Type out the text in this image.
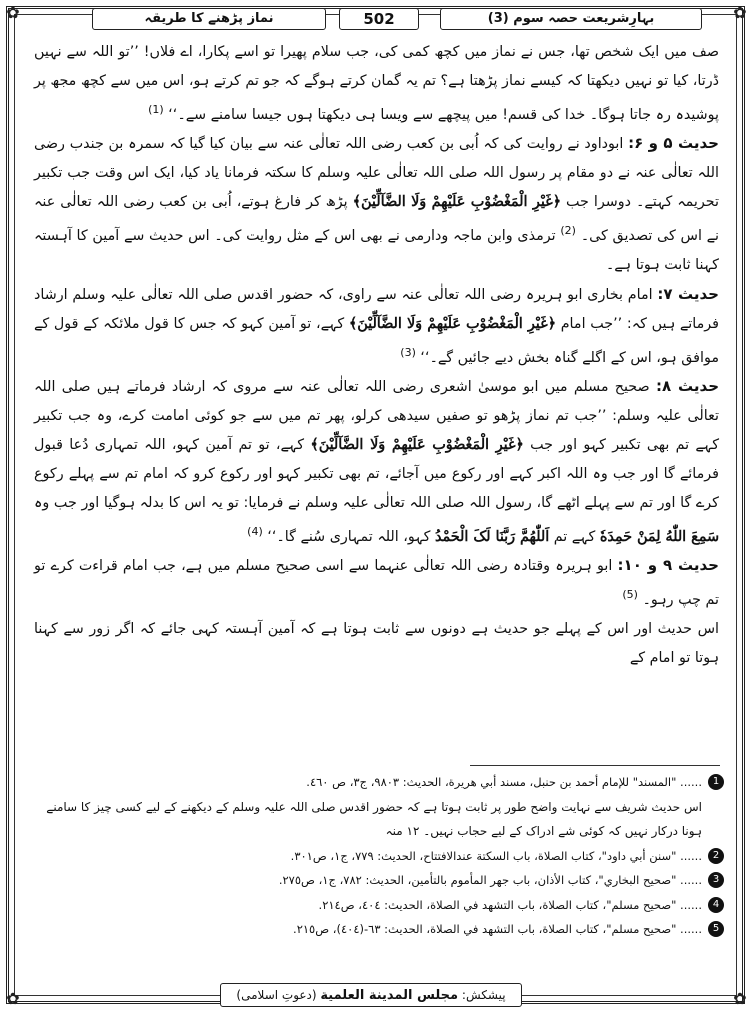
✿	✿
✿	✿
بہارِشریعت حصہ سوم (3)
502
نماز پڑھنے کا طریقہ

صف میں ایک شخص تھا، جس نے نماز میں کچھ کمی کی، جب سلام پھیرا تو اسے پکارا، اے فلاں! ’’تو اللہ سے نہیں ڈرتا، کیا تو نہیں دیکھتا کہ کیسے نماز پڑھتا ہے؟ تم یہ گمان کرتے ہوگے کہ جو تم کرتے ہو، اس میں سے کچھ مجھ پر پوشیدہ رہ جاتا ہوگا۔ خدا کی قسم! میں پیچھے سے ویسا ہی دیکھتا ہوں جیسا سامنے سے۔‘‘ $^{(1)}$

حدیث ۵ و ۶: ابوداود نے روایت کی کہ اُبی بن کعب رضی اللہ تعالٰی عنہ سے بیان کیا گیا کہ سمرہ بن جندب رضی اللہ تعالٰی عنہ نے دو مقام پر رسول اللہ صلی اللہ تعالٰی علیہ وسلم کا سکتہ فرمانا یاد کیا، ایک اس وقت جب تکبیر تحریمہ کہتے۔ دوسرا جب ﴿غَیْرِ الْمَغْضُوْبِ عَلَیْهِمْ وَلَا الضَّآلِّیْنَ﴾ پڑھ کر فارغ ہوتے، اُبی بن کعب رضی اللہ تعالٰی عنہ نے اس کی تصدیق کی۔ $^{(2)}$ ترمذی وابن ماجہ ودارمی نے بھی اس کے مثل روایت کی۔ اس حدیث سے آمین کا آہستہ کہنا ثابت ہوتا ہے۔

حدیث ۷: امام بخاری ابو ہریرہ رضی اللہ تعالٰی عنہ سے راوی، کہ حضور اقدس صلی اللہ تعالٰی علیہ وسلم ارشاد فرماتے ہیں کہ: ’’جب امام ﴿غَیْرِ الْمَغْضُوْبِ عَلَیْهِمْ وَلَا الضَّآلِّیْنَ﴾ کہے، تو آمین کہو کہ جس کا قول ملائکہ کے قول کے موافق ہو، اس کے اگلے گناہ بخش دیے جائیں گے۔‘‘ $^{(3)}$

حدیث ۸: صحیح مسلم میں ابو موسیٰ اشعری رضی اللہ تعالٰی عنہ سے مروی کہ ارشاد فرماتے ہیں صلی اللہ تعالٰی علیہ وسلم: ’’جب تم نماز پڑھو تو صفیں سیدھی کرلو، پھر تم میں سے جو کوئی امامت کرے، وہ جب تکبیر کہے تم بھی تکبیر کہو اور جب ﴿غَیْرِ الْمَغْضُوْبِ عَلَیْهِمْ وَلَا الضَّآلِّیْنَ﴾ کہے، تو تم آمین کہو، اللہ تمہاری دُعا قبول فرمائے گا اور جب وہ اللہ اکبر کہے اور رکوع میں آجائے، تم بھی تکبیر کہو اور رکوع کرو کہ امام تم سے پہلے رکوع کرے گا اور تم سے پہلے اٹھے گا، رسول اللہ صلی اللہ تعالٰی علیہ وسلم نے فرمایا: تو یہ اس کا بدلہ ہوگیا اور جب وہ سَمِعَ اللّٰهُ لِمَنْ حَمِدَهٗ کہے تم اَللّٰهُمَّ رَبَّنَا لَکَ الْحَمْدُ کہو، اللہ تمہاری سُنے گا۔‘‘ $^{(4)}$

حدیث ۹ و ۱۰: ابو ہریرہ وقتادہ رضی اللہ تعالٰی عنہما سے اسی صحیح مسلم میں ہے، جب امام قراءت کرے تو تم چپ رہو۔ $^{(5)}$

اس حدیث اور اس کے پہلے جو حدیث ہے دونوں سے ثابت ہوتا ہے کہ آمین آہستہ کہی جائے کہ اگر زور سے کہنا ہوتا تو امام کے

1
...... "المسند" للإمام أحمد بن حنبل، مسند أبي هريرة، الحديث: ٩٨٠٣، ج٣، ص ٤٦٠.
اس حدیث شریف سے نہایت واضح طور پر ثابت ہوتا ہے کہ حضور اقدس صلی اللہ علیہ وسلم کے دیکھنے کے لیے کسی چیز کا سامنے ہونا درکار نہیں کہ کوئی شے ادراک کے لیے حجاب نہیں۔ ۱۲ منہ

2
...... "سنن أبي داود"، كتاب الصلاة، باب السكتة عندالافتتاح، الحديث: ٧٧٩، ج١، ص٣٠١.

3
...... "صحيح البخاري"، كتاب الأذان، باب جهر المأموم بالتأمين، الحديث: ٧٨٢، ج١، ص٢٧٥.

4
...... "صحيح مسلم"، كتاب الصلاة، باب التشهد في الصلاة، الحديث: ٤٠٤، ص٢١٤.

5
...... "صحيح مسلم"، كتاب الصلاة، باب التشهد في الصلاة، الحديث: ٦٣-(٤٠٤)، ص٢١٥.

پیشکش: مجلس المدينة العلمية (دعوتِ اسلامی)
